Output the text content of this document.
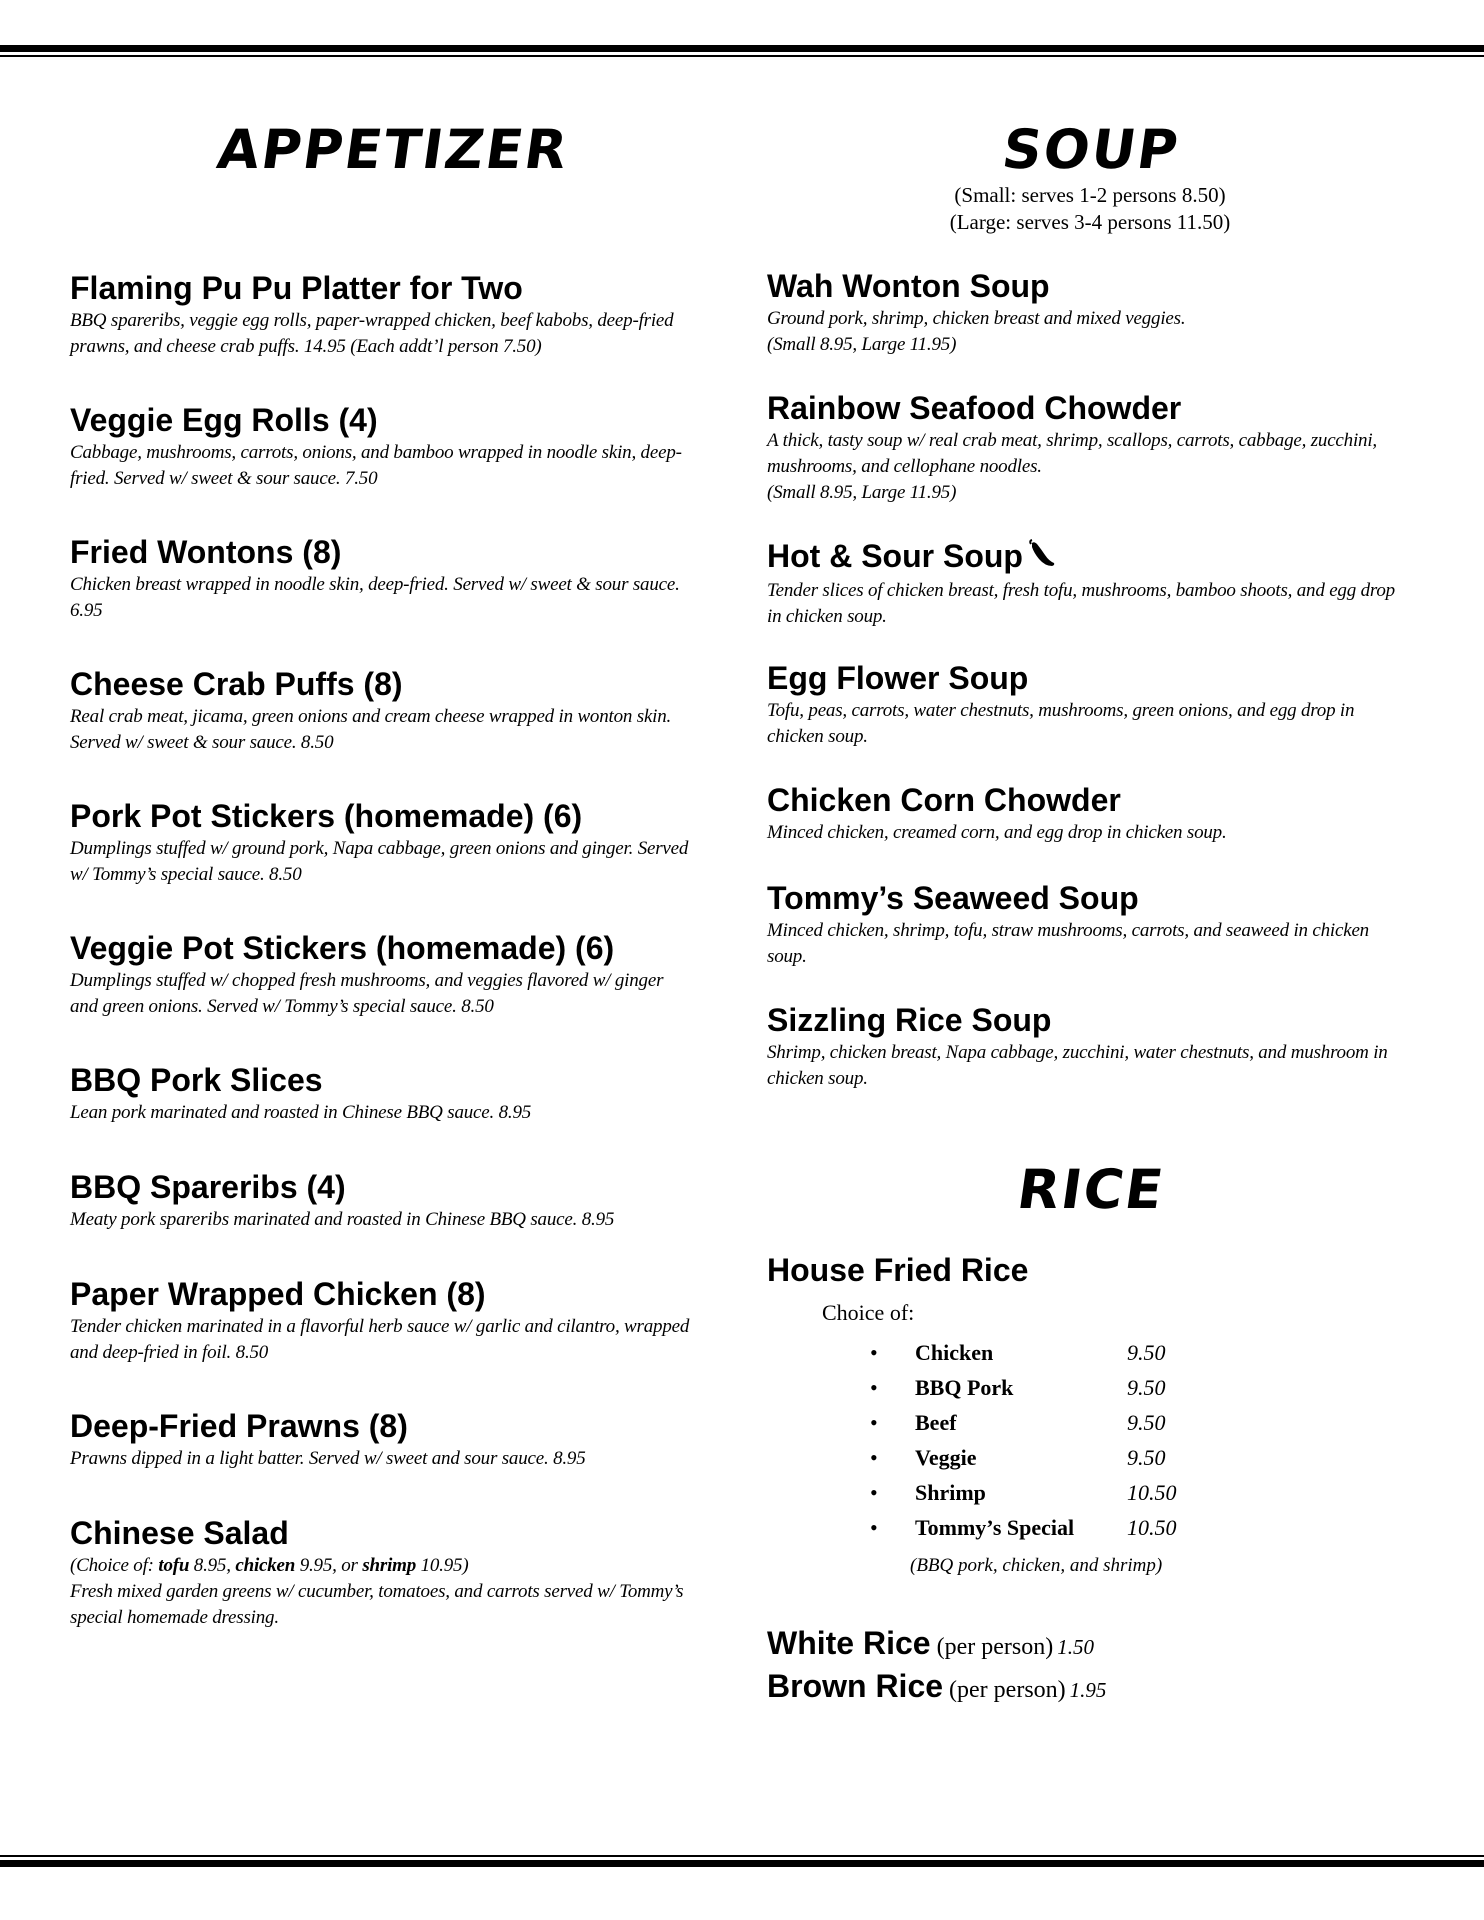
APPETIZER	SOUP
RICE
(Small: serves 1-2 persons 8.50)
(Large: serves 3-4 persons 11.50)
Flaming Pu Pu Platter for Two

BBQ spareribs, veggie egg rolls, paper-wrapped chicken, beef kabobs, deep-fried prawns, and cheese crab puffs. 14.95 (Each addt’l person 7.50)

Veggie Egg Rolls (4)

Cabbage, mushrooms, carrots, onions, and bamboo wrapped in noodle skin, deep-fried. Served w/ sweet & sour sauce. 7.50

Fried Wontons (8)

Chicken breast wrapped in noodle skin, deep-fried. Served w/ sweet & sour sauce. 6.95

Cheese Crab Puffs (8)

Real crab meat, jicama, green onions and cream cheese wrapped in wonton skin. Served w/ sweet & sour sauce. 8.50

Pork Pot Stickers (homemade) (6)

Dumplings stuffed w/ ground pork, Napa cabbage, green onions and ginger. Served w/ Tommy’s special sauce. 8.50

Veggie Pot Stickers (homemade) (6)

Dumplings stuffed w/ chopped fresh mushrooms, and veggies flavored w/ ginger and green onions. Served w/ Tommy’s special sauce. 8.50

BBQ Pork Slices

Lean pork marinated and roasted in Chinese BBQ sauce. 8.95

BBQ Spareribs (4)

Meaty pork spareribs marinated and roasted in Chinese BBQ sauce. 8.95

Paper Wrapped Chicken (8)

Tender chicken marinated in a flavorful herb sauce w/ garlic and cilantro, wrapped and deep-fried in foil. 8.50

Deep-Fried Prawns (8)

Prawns dipped in a light batter. Served w/ sweet and sour sauce. 8.95

Chinese Salad

(Choice of: tofu 8.95, chicken 9.95, or shrimp 10.95)

Fresh mixed garden greens w/ cucumber, tomatoes, and carrots served w/ Tommy’s special homemade dressing.

Wah Wonton Soup

Ground pork, shrimp, chicken breast and mixed veggies.

(Small 8.95, Large 11.95)

Rainbow Seafood Chowder

A thick, tasty soup w/ real crab meat, shrimp, scallops, carrots, cabbage, zucchini, mushrooms, and cellophane noodles.

(Small 8.95, Large 11.95)

Hot & Sour Soup

Tender slices of chicken breast, fresh tofu, mushrooms, bamboo shoots, and egg drop in chicken soup.

Egg Flower Soup

Tofu, peas, carrots, water chestnuts, mushrooms, green onions, and egg drop in chicken soup.

Chicken Corn Chowder

Minced chicken, creamed corn, and egg drop in chicken soup.

Tommy’s Seaweed Soup

Minced chicken, shrimp, tofu, straw mushrooms, carrots, and seaweed in chicken soup.

Sizzling Rice Soup

Shrimp, chicken breast, Napa cabbage, zucchini, water chestnuts, and mushroom in chicken soup.

House Fried Rice
Choice of:
• Chicken	9.50
• BBQ Pork	9.50
• Beef	9.50
• Veggie	9.50
• Shrimp	10.50
• Tommy’s Special 10.50
(BBQ pork, chicken, and shrimp)
White Rice (per person) 1.50
Brown Rice (per person) 1.95
